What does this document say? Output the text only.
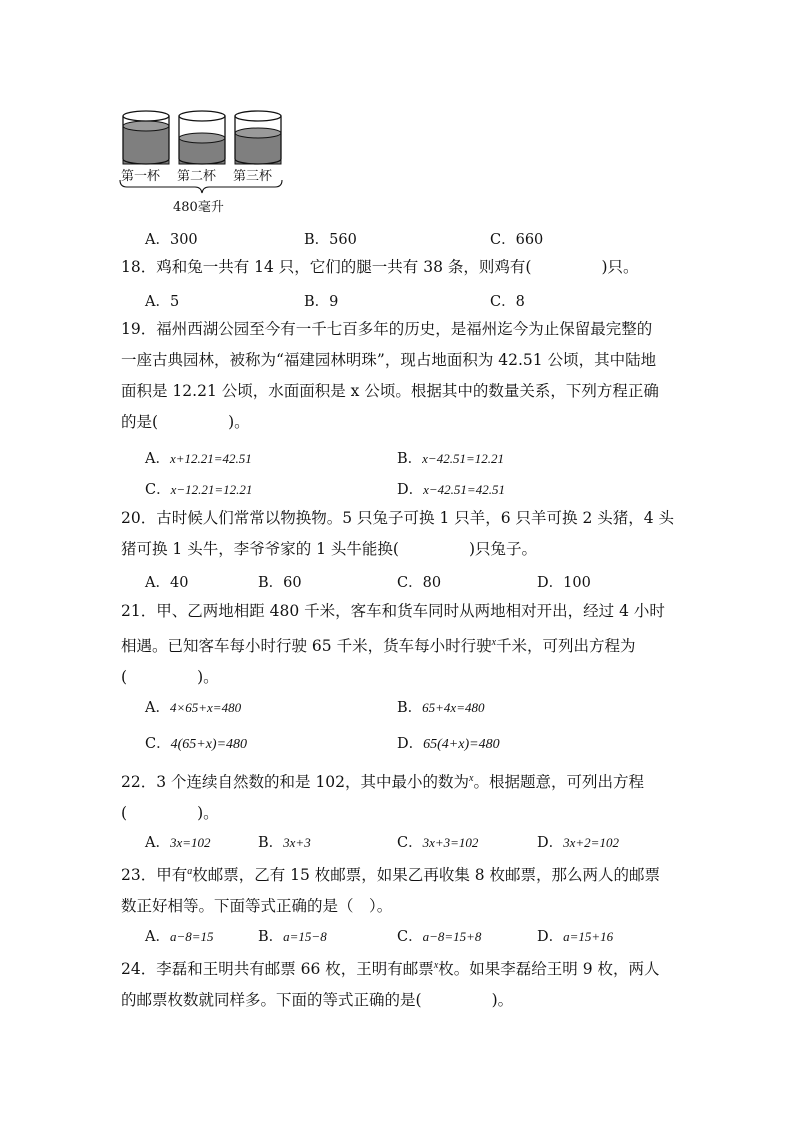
第一杯 第二杯 第三杯
480毫升
A．300	B．560	C．660
18．鸡和兔一共有 14 只，它们的腿一共有 38 条，则鸡有(	)只。
A．5	B．9	C．8
19．福州西湖公园至今有一千七百多年的历史，是福州迄今为止保留最完整的
一座古典园林，被称为“福建园林明珠”，现占地面积为 42.51 公顷，其中陆地
面积是 12.21 公顷，水面面积是 x 公顷。根据其中的数量关系，下列方程正确
的是(	)。
A．x+12.21=42.51	B．x−42.51=12.21
C．x−12.21=12.21	D．x−42.51=42.51
20．古时候人们常常以物换物。5 只兔子可换 1 只羊，6 只羊可换 2 头猪，4 头
猪可换 1 头牛，李爷爷家的 1 头牛能换(	)只兔子。
A．40	B．60	C．80	D．100
21．甲、乙两地相距 480 千米，客车和货车同时从两地相对开出，经过 4 小时
相遇。已知客车每小时行驶 65 千米，货车每小时行驶$^x$千米，可列出方程为
(	)。
A．4×65+x=480	B．65+4x=480
C．4(65+x)=480	D．65(4+x)=480
22．3 个连续自然数的和是 102，其中最小的数为$^x$。根据题意，可列出方程
(	)。
A．3x=102	B．3x+3	C．3x+3=102	D．3x+2=102
23．甲有$^a$枚邮票，乙有 15 枚邮票，如果乙再收集 8 枚邮票，那么两人的邮票
数正好相等。下面等式正确的是（　）。
A．a−8=15	B．a=15−8	C．a−8=15+8	D．a=15+16
24．李磊和王明共有邮票 66 枚，王明有邮票$^x$枚。如果李磊给王明 9 枚，两人
的邮票枚数就同样多。下面的等式正确的是(	)。
